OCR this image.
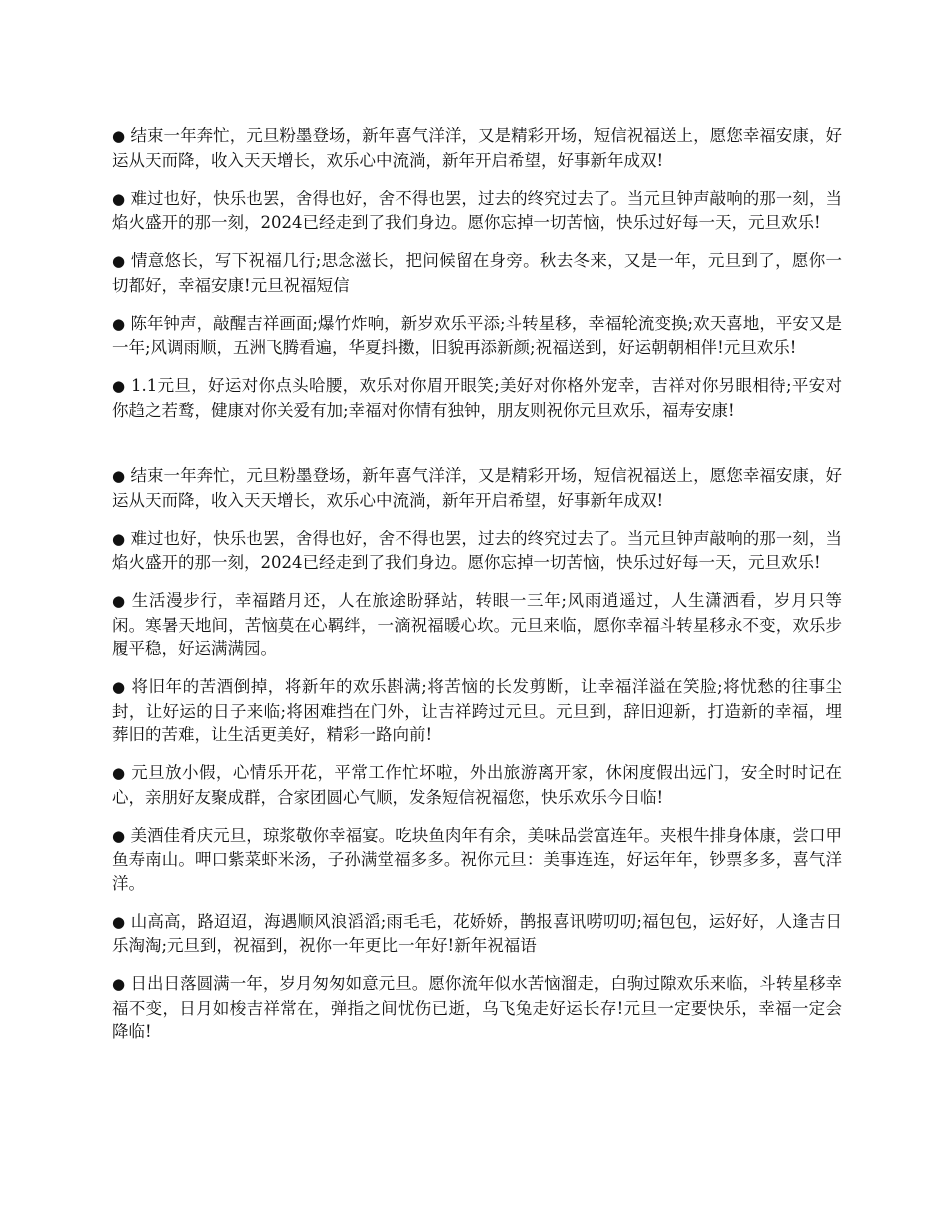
● 结束一年奔忙，元旦粉墨登场，新年喜气洋洋，又是精彩开场，短信祝福送上，愿您幸福安康，好运从天而降，收入天天增长，欢乐心中流淌，新年开启希望，好事新年成双!

● 难过也好，快乐也罢，舍得也好，舍不得也罢，过去的终究过去了。当元旦钟声敲响的那一刻，当焰火盛开的那一刻，2024已经走到了我们身边。愿你忘掉一切苦恼，快乐过好每一天，元旦欢乐!

● 情意悠长，写下祝福几行;思念滋长，把问候留在身旁。秋去冬来，又是一年，元旦到了，愿你一切都好，幸福安康!元旦祝福短信

● 陈年钟声，敲醒吉祥画面;爆竹炸响，新岁欢乐平添;斗转星移，幸福轮流变换;欢天喜地，平安又是一年;风调雨顺，五洲飞腾看遍，华夏抖擞，旧貌再添新颜;祝福送到，好运朝朝相伴!元旦欢乐!

● 1.1元旦，好运对你点头哈腰，欢乐对你眉开眼笑;美好对你格外宠幸，吉祥对你另眼相待;平安对你趋之若鹜，健康对你关爱有加;幸福对你情有独钟，朋友则祝你元旦欢乐，福寿安康!

● 结束一年奔忙，元旦粉墨登场，新年喜气洋洋，又是精彩开场，短信祝福送上，愿您幸福安康，好运从天而降，收入天天增长，欢乐心中流淌，新年开启希望，好事新年成双!

● 难过也好，快乐也罢，舍得也好，舍不得也罢，过去的终究过去了。当元旦钟声敲响的那一刻，当焰火盛开的那一刻，2024已经走到了我们身边。愿你忘掉一切苦恼，快乐过好每一天，元旦欢乐!

● 生活漫步行，幸福踏月还，人在旅途盼驿站，转眼一三年;风雨逍遥过，人生潇洒看，岁月只等闲。寒暑天地间，苦恼莫在心羁绊，一滴祝福暖心坎。元旦来临，愿你幸福斗转星移永不变，欢乐步履平稳，好运满满园。

● 将旧年的苦酒倒掉，将新年的欢乐斟满;将苦恼的长发剪断，让幸福洋溢在笑脸;将忧愁的往事尘封，让好运的日子来临;将困难挡在门外，让吉祥跨过元旦。元旦到，辞旧迎新，打造新的幸福，埋葬旧的苦难，让生活更美好，精彩一路向前!

● 元旦放小假，心情乐开花，平常工作忙坏啦，外出旅游离开家，休闲度假出远门，安全时时记在心，亲朋好友聚成群，合家团圆心气顺，发条短信祝福您，快乐欢乐今日临!

● 美酒佳肴庆元旦，琼浆敬你幸福宴。吃块鱼肉年有余，美味品尝富连年。夹根牛排身体康，尝口甲鱼寿南山。呷口紫菜虾米汤，子孙满堂福多多。祝你元旦：美事连连，好运年年，钞票多多，喜气洋洋。

● 山高高，路迢迢，海遇顺风浪滔滔;雨毛毛，花娇娇，鹊报喜讯唠叨叨;福包包，运好好，人逢吉日乐淘淘;元旦到，祝福到，祝你一年更比一年好!新年祝福语

● 日出日落圆满一年，岁月匆匆如意元旦。愿你流年似水苦恼溜走，白驹过隙欢乐来临，斗转星移幸福不变，日月如梭吉祥常在，弹指之间忧伤已逝，乌飞兔走好运长存!元旦一定要快乐，幸福一定会降临!
